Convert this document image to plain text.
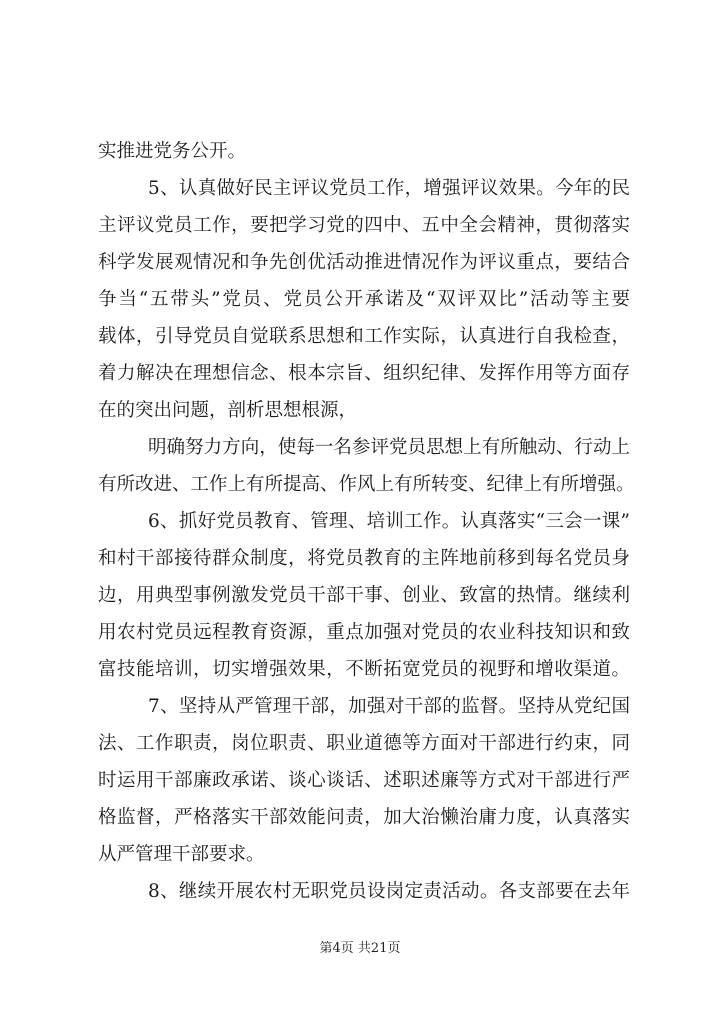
实推进党务公开。
5、认真做好民主评议党员工作，增强评议效果。今年的民
主评议党员工作，要把学习党的四中、五中全会精神，贯彻落实
科学发展观情况和争先创优活动推进情况作为评议重点，要结合
争当“五带头”党员、党员公开承诺及“双评双比”活动等主要
载体，引导党员自觉联系思想和工作实际，认真进行自我检查，
着力解决在理想信念、根本宗旨、组织纪律、发挥作用等方面存
在的突出问题，剖析思想根源，
明确努力方向，使每一名参评党员思想上有所触动、行动上
有所改进、工作上有所提高、作风上有所转变、纪律上有所增强。
6、抓好党员教育、管理、培训工作。认真落实“三会一课”
和村干部接待群众制度，将党员教育的主阵地前移到每名党员身
边，用典型事例激发党员干部干事、创业、致富的热情。继续利
用农村党员远程教育资源，重点加强对党员的农业科技知识和致
富技能培训，切实增强效果，不断拓宽党员的视野和增收渠道。
7、坚持从严管理干部，加强对干部的监督。坚持从党纪国
法、工作职责，岗位职责、职业道德等方面对干部进行约束，同
时运用干部廉政承诺、谈心谈话、述职述廉等方式对干部进行严
格监督，严格落实干部效能问责，加大治懒治庸力度，认真落实
从严管理干部要求。
8、继续开展农村无职党员设岗定责活动。各支部要在去年
第4页 共21页
